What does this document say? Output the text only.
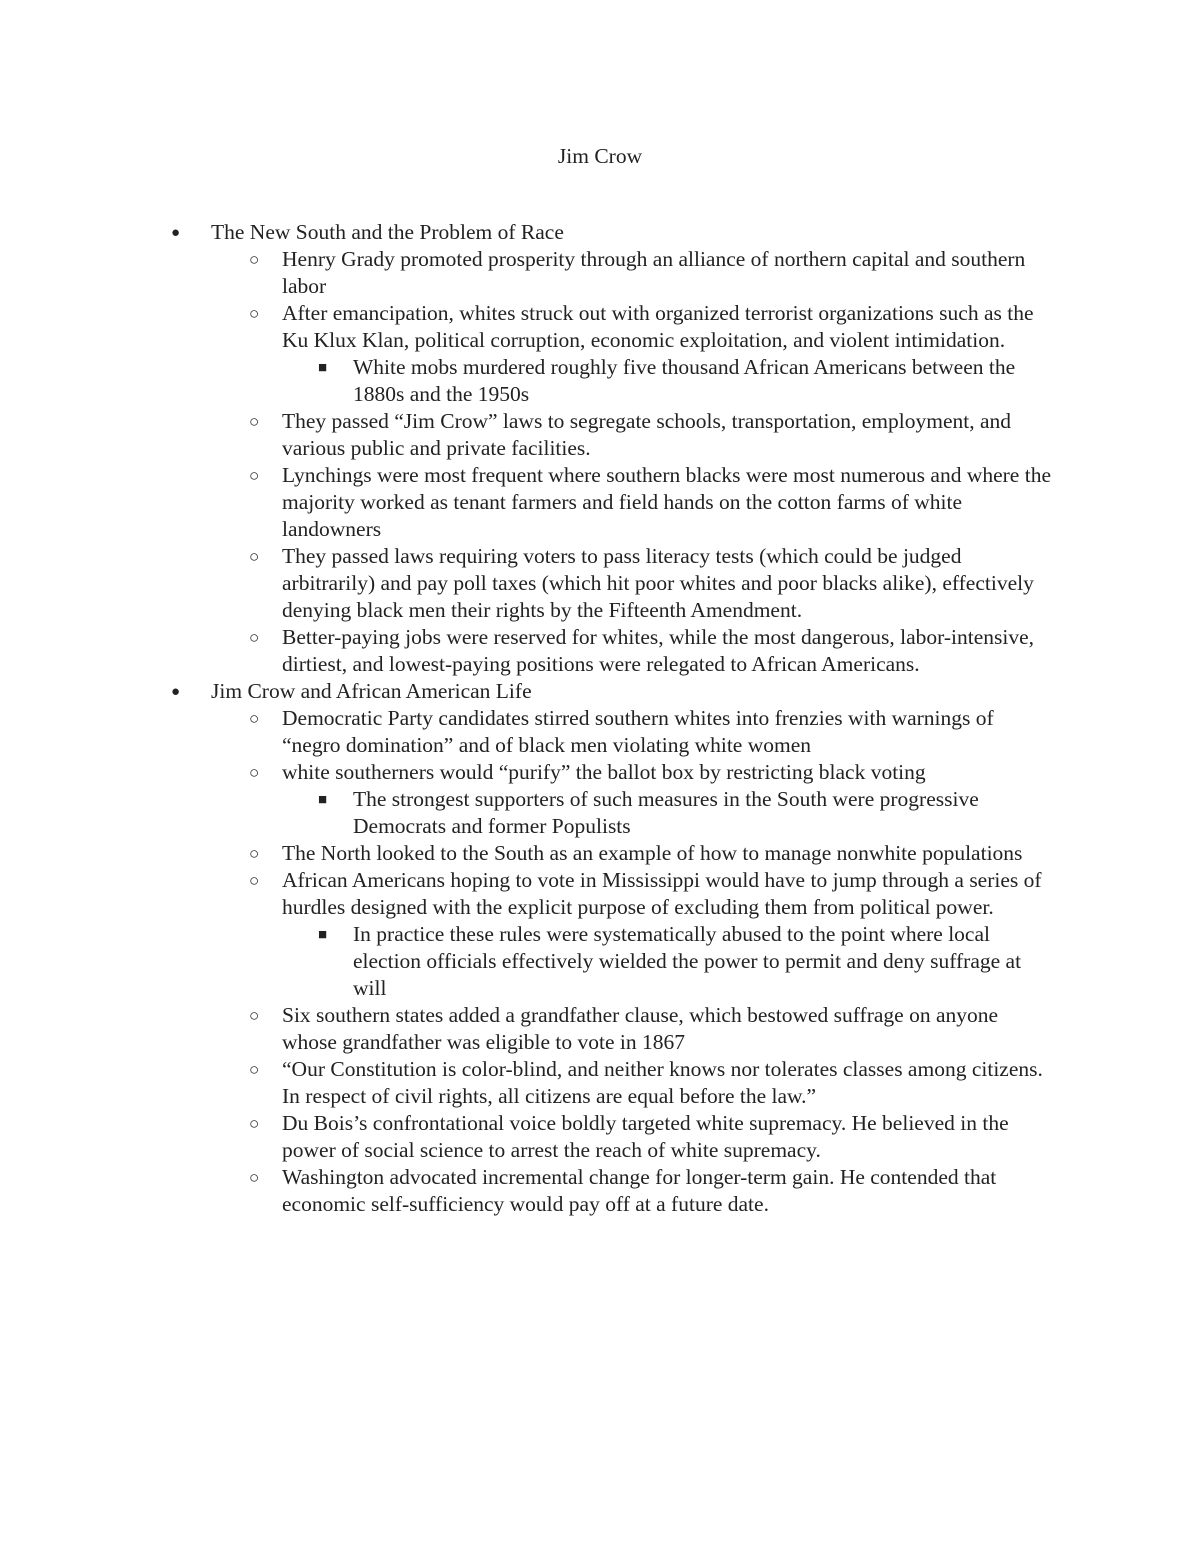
Jim Crow
● The New South and the Problem of Race
○ Henry Grady promoted prosperity through an alliance of northern capital and southern labor
○ After emancipation, whites struck out with organized terrorist organizations such as the Ku Klux Klan, political corruption, economic exploitation, and violent intimidation.
■ White mobs murdered roughly five thousand African Americans between the 1880s and the 1950s
○ They passed “Jim Crow” laws to segregate schools, transportation, employment, and various public and private facilities.
○ Lynchings were most frequent where southern blacks were most numerous and where the majority worked as tenant farmers and field hands on the cotton farms of white landowners
○ They passed laws requiring voters to pass literacy tests (which could be judged arbitrarily) and pay poll taxes (which hit poor whites and poor blacks alike), effectively denying black men their rights by the Fifteenth Amendment.
○ Better-paying jobs were reserved for whites, while the most dangerous, labor-intensive, dirtiest, and lowest-paying positions were relegated to African Americans.
● Jim Crow and African American Life
○ Democratic Party candidates stirred southern whites into frenzies with warnings of “negro domination” and of black men violating white women
○ white southerners would “purify” the ballot box by restricting black voting
■ The strongest supporters of such measures in the South were progressive Democrats and former Populists
○ The North looked to the South as an example of how to manage nonwhite populations
○ African Americans hoping to vote in Mississippi would have to jump through a series of hurdles designed with the explicit purpose of excluding them from political power.
■ In practice these rules were systematically abused to the point where local election officials effectively wielded the power to permit and deny suffrage at will
○ Six southern states added a grandfather clause, which bestowed suffrage on anyone whose grandfather was eligible to vote in 1867
○ “Our Constitution is color-blind, and neither knows nor tolerates classes among citizens. In respect of civil rights, all citizens are equal before the law.”
○ Du Bois’s confrontational voice boldly targeted white supremacy. He believed in the power of social science to arrest the reach of white supremacy.
○ Washington advocated incremental change for longer-term gain. He contended that economic self-sufficiency would pay off at a future date.
